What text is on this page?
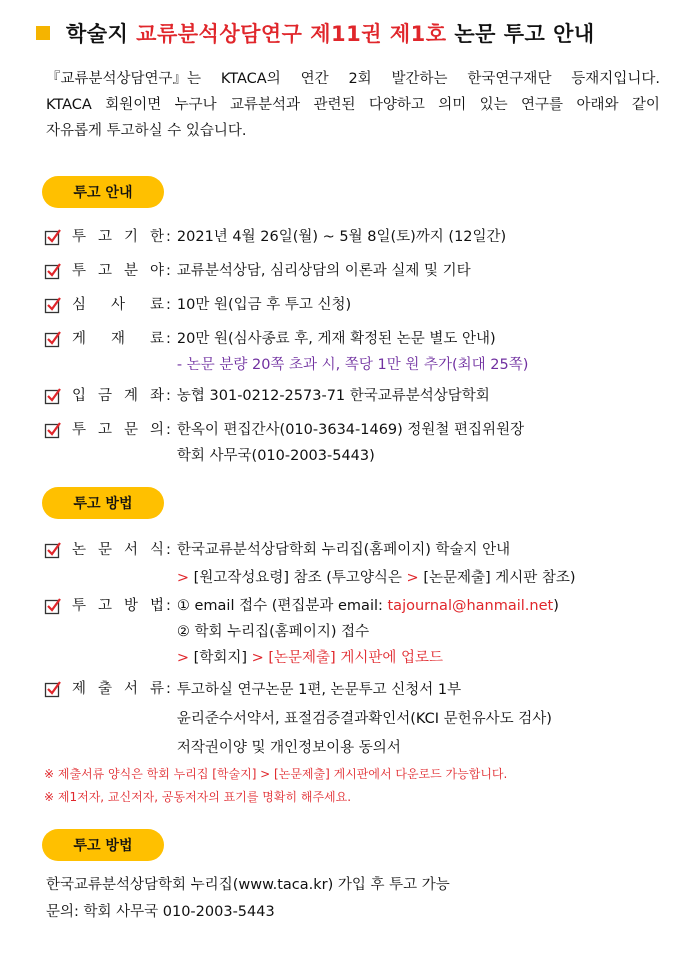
학술지 교류분석상담연구 제11권 제1호 논문 투고 안내
『교류분석상담연구』는 KTACA의 연간 2회 발간하는 한국연구재단 등재지입니다.
KTACA 회원이면 누구나 교류분석과 관련된 다양하고 의미 있는 연구를 아래와 같이
자유롭게 투고하실 수 있습니다.
투고 안내
투 고 기 한 : 2021년 4월 26일(월) ~ 5월 8일(토)까지 (12일간)
투 고 분 야 : 교류분석상담, 심리상담의 이론과 실제 및 기타
심 사 료 : 10만 원(입금 후 투고 신청)
게 재 료 : 20만 원(심사종료 후, 게재 확정된 논문 별도 안내)
- 논문 분량 20쪽 초과 시, 쪽당 1만 원 추가(최대 25쪽)
입 금 계 좌 : 농협 301-0212-2573-71 한국교류분석상담학회
투 고 문 의 : 한옥이 편집간사(010-3634-1469) 정원철 편집위원장
학회 사무국(010-2003-5443)
투고 방법
논 문 서 식 : 한국교류분석상담학회 누리집(홈페이지) 학술지 안내
> [원고작성요령] 참조 (투고양식은 > [논문제출] 게시판 참조)
투 고 방 법 : ① email 접수 (편집분과 email: tajournal@hanmail.net)
② 학회 누리집(홈페이지) 접수
> [학회지] > [논문제출] 게시판에 업로드
제 출 서 류 : 투고하실 연구논문 1편, 논문투고 신청서 1부
윤리준수서약서, 표절검증결과확인서(KCI 문헌유사도 검사)
저작권이양 및 개인정보이용 동의서
※ 제출서류 양식은 학회 누리집 [학술지] > [논문제출] 게시판에서 다운로드 가능합니다.
※ 제1저자, 교신저자, 공동저자의 표기를 명확히 해주세요.
투고 방법
한국교류분석상담학회 누리집(www.taca.kr) 가입 후 투고 가능
문의: 학회 사무국 010-2003-5443
